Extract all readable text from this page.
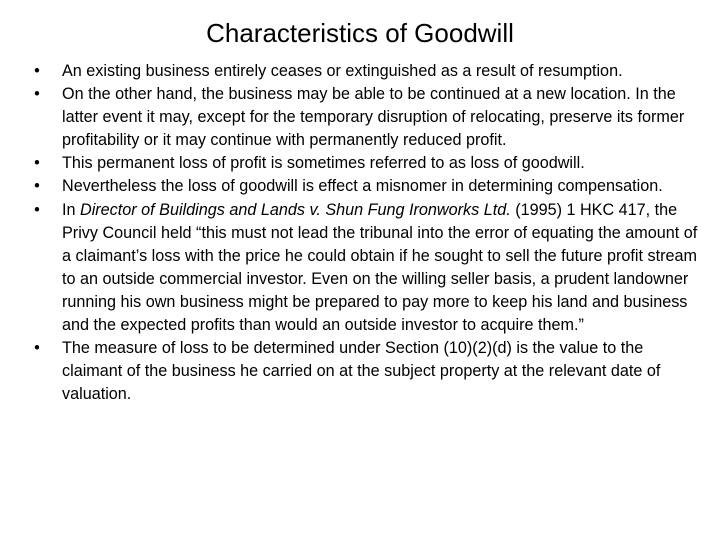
Characteristics of Goodwill
• An existing business entirely ceases or extinguished as a result of resumption.
• On the other hand, the business may be able to be continued at a new location. In the latter event it may, except for the temporary disruption of relocating, preserve its former profitability or it may continue with permanently reduced profit.
• This permanent loss of profit is sometimes referred to as loss of goodwill.
• Nevertheless the loss of goodwill is effect a misnomer in determining compensation.
• In Director of Buildings and Lands v. Shun Fung Ironworks Ltd. (1995) 1 HKC 417, the Privy Council held “this must not lead the tribunal into the error of equating the amount of a claimant’s loss with the price he could obtain if he sought to sell the future profit stream to an outside commercial investor. Even on the willing seller basis, a prudent landowner running his own business might be prepared to pay more to keep his land and business and the expected profits than would an outside investor to acquire them.”
• The measure of loss to be determined under Section (10)(2)(d) is the value to the claimant of the business he carried on at the subject property at the relevant date of valuation.
